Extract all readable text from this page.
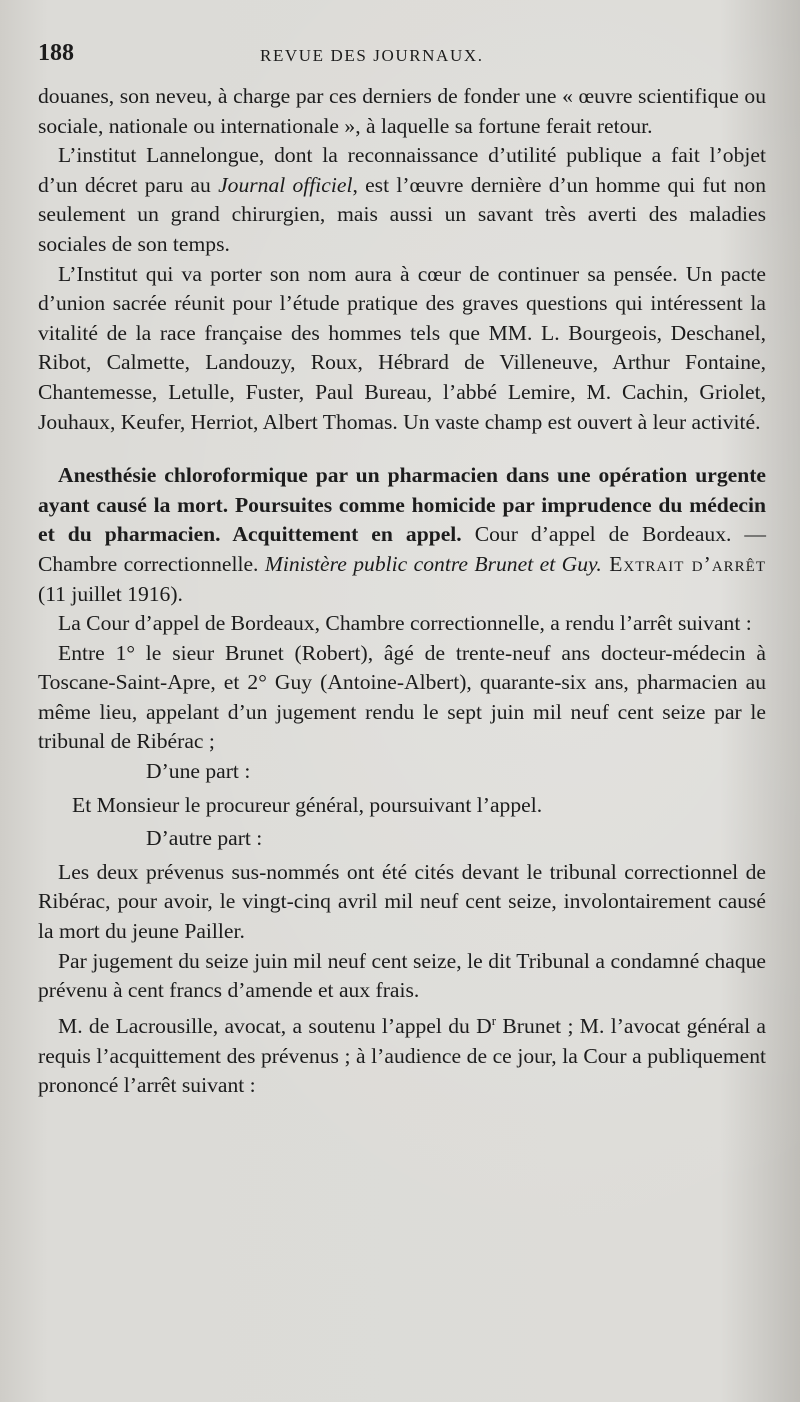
188	REVUE DES JOURNAUX.

douanes, son neveu, à charge par ces derniers de fonder une « œuvre scientifique ou sociale, nationale ou internationale », à laquelle sa fortune ferait retour.

L’institut Lannelongue, dont la reconnaissance d’utilité publique a fait l’objet d’un décret paru au Journal officiel, est l’œuvre dernière d’un homme qui fut non seulement un grand chirurgien, mais aussi un savant très averti des maladies sociales de son temps.

L’Institut qui va porter son nom aura à cœur de continuer sa pensée. Un pacte d’union sacrée réunit pour l’étude pratique des graves questions qui intéressent la vitalité de la race française des hommes tels que MM. L. Bourgeois, Deschanel, Ribot, Calmette, Landouzy, Roux, Hébrard de Villeneuve, Arthur Fontaine, Chantemesse, Letulle, Fuster, Paul Bureau, l’abbé Lemire, M. Cachin, Griolet, Jouhaux, Keufer, Herriot, Albert Thomas. Un vaste champ est ouvert à leur activité.

Anesthésie chloroformique par un pharmacien dans une opération urgente ayant causé la mort. Poursuites comme homicide par imprudence du médecin et du pharmacien. Acquittement en appel. Cour d’appel de Bordeaux. — Chambre correctionnelle. Ministère public contre Brunet et Guy. Extrait d’arrêt (11 juillet 1916).

La Cour d’appel de Bordeaux, Chambre correctionnelle, a rendu l’arrêt suivant :

Entre 1° le sieur Brunet (Robert), âgé de trente-neuf ans docteur-médecin à Toscane-Saint-Apre, et 2° Guy (Antoine-Albert), quarante-six ans, pharmacien au même lieu, appelant d’un jugement rendu le sept juin mil neuf cent seize par le tribunal de Ribérac ;

D’une part :

Et Monsieur le procureur général, poursuivant l’appel.

D’autre part :

Les deux prévenus sus-nommés ont été cités devant le tribunal correctionnel de Ribérac, pour avoir, le vingt-cinq avril mil neuf cent seize, involontairement causé la mort du jeune Pailler.

Par jugement du seize juin mil neuf cent seize, le dit Tribunal a condamné chaque prévenu à cent francs d’amende et aux frais.

M. de Lacrousille, avocat, a soutenu l’appel du $D^r$ Brunet ; M. l’avocat général a requis l’acquittement des prévenus ; à l’audience de ce jour, la Cour a publiquement prononcé l’arrêt suivant :
